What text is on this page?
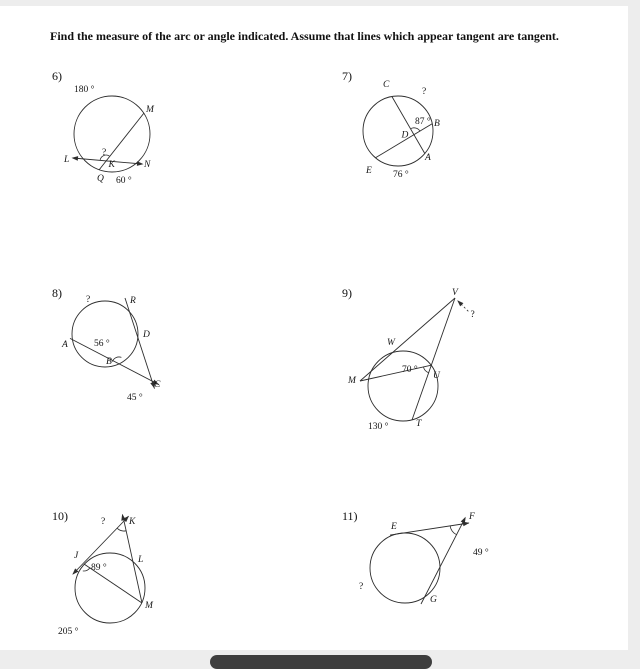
Find the measure of the arc or angle indicated. Assume that lines which appear tangent are tangent.
6)
180 °
M
L	N
K
Q 60 °
?
7)
C
?
87 ° B
D
A
E 76 °
8)	?	R
A	56 °
D
B
C
45 °
9)	V
?
W
M
70 °
U
T
130 °
10)	?	K
J
89 °
L
M
205 °
11)
E
F
49 °
?
G
